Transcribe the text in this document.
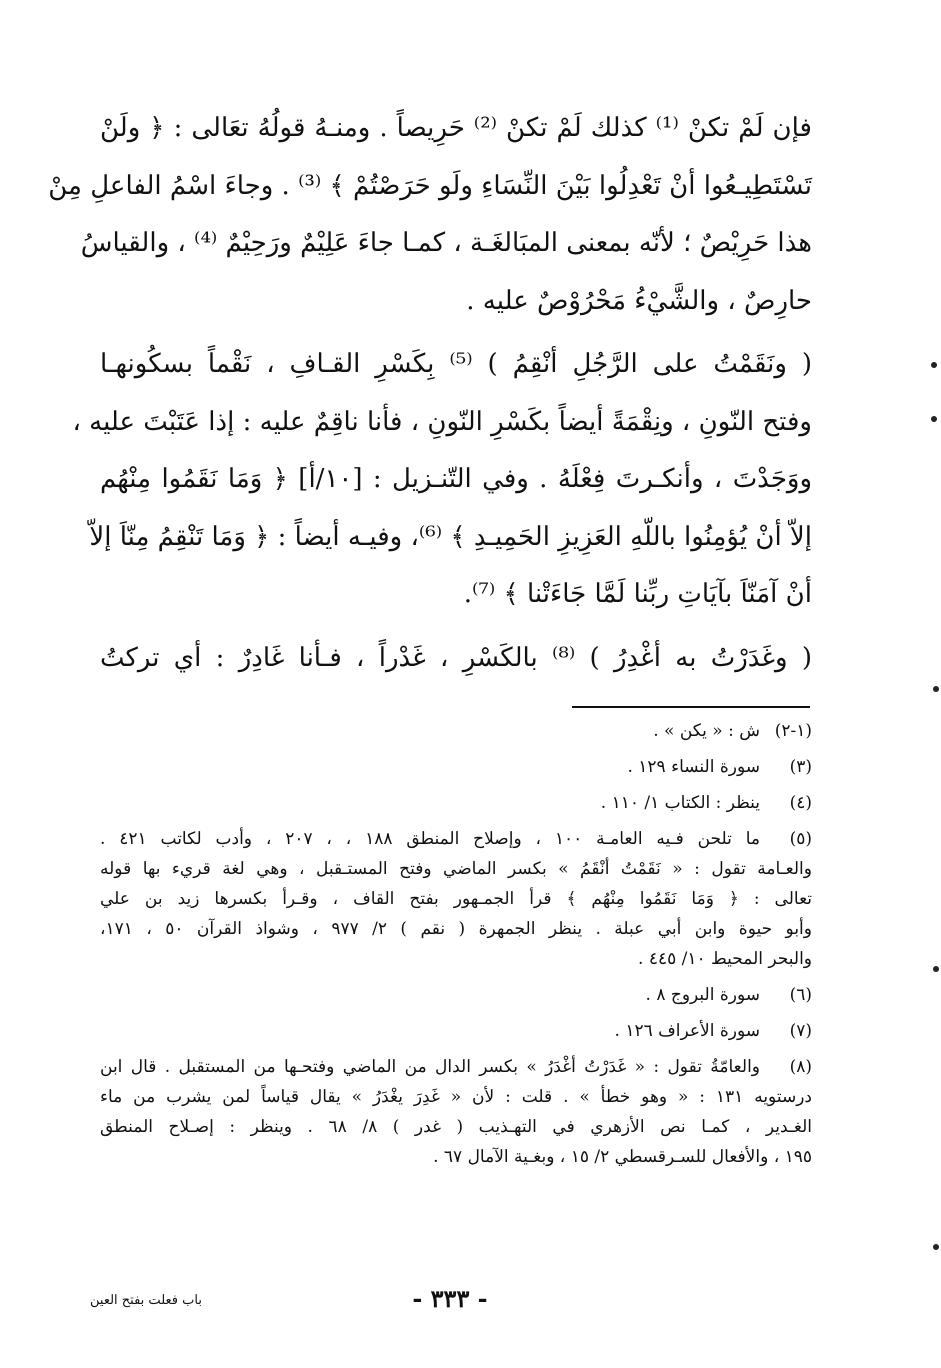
فإن لَمْ تكنْ ⁽¹⁾ كذلك لَمْ تكنْ ⁽²⁾ حَرِيصاً . ومنـهُ قولُهُ تعَالى : ﴿ ولَنْ
تَسْتَطِيـعُوا أنْ تَعْدِلُوا بَيْنَ النِّسَاءِ ولَو حَرَصْتُمْ ﴾ ⁽³⁾ . وجاءَ اسْمُ الفاعلِ مِنْ
هذا حَرِيْصٌ ؛ لأنّه بمعنى المبَالغَـة ، كمـا جاءَ عَلِيْمٌ ورَحِيْمٌ ⁽⁴⁾ ، والقياسُ
حارِصٌ ، والشَّيْءُ مَحْرُوْصٌ عليه .
( ونَقَمْتُ على الرَّجُلِ أنْقِمُ ) ⁽⁵⁾ بِكَسْرِ القـافِ ، نَقْماً بسكُونهـا
وفتح النّونِ ، ونِقْمَةً أيضاً بكَسْرِ النّونِ ، فأنا ناقِمٌ عليه : إذا عَتَبْتَ عليه ،
ووَجَدْتَ ، وأنكـرتَ فِعْلَهُ . وفي التّنـزيل : [١٠/أ] ﴿ وَمَا نَقَمُوا مِنْهُم
إلاّ أنْ يُؤمِنُوا باللّهِ العَزِيزِ الحَمِيـدِ ﴾ ⁽⁶⁾، وفيـه أيضاً : ﴿ وَمَا تَنْقِمُ مِنّاَ إلاّ
أنْ آمَنّاَ بآيَاتِ ربِّنا لَمَّا جَاءَتْنا ﴾ ⁽⁷⁾.
( وغَدَرْتُ به أغْدِرُ ) ⁽⁸⁾ بالكَسْرِ ، غَدْراً ، فـأنا غَادِرٌ : أي تركتُ
(١-٢)
ش : « يكن » .
(٣)
سورة النساء ١٢٩ .
(٤)
ينظر : الكتاب ١/ ١١٠ .
(٥)
ما تلحن فـيه العامـة ١٠٠ ، وإصلاح المنطق ١٨٨ ، ، ٢٠٧ ، وأدب لكاتب ٤٢١ .
والعـامة تقول : « نَقَمْتُ أنْقَمُ » بكسر الماضي وفتح المستـقبل ، وهي لغة قريء بها قوله
تعالى : ﴿ وَمَا نَقَمُوا مِنْهُم ﴾ قرأ الجمـهور بفتح القاف ، وقـرأ بكسرها زيد بن علي
وأبو حيوة وابن أبي عبلة . ينظر الجمهرة ( نقم ) ٢/ ٩٧٧ ، وشواذ القرآن ٥٠ ، ١٧١،
والبحر المحيط ١٠/ ٤٤٥ .
(٦)
سورة البروج ٨ .
(٧)
سورة الأعراف ١٢٦ .
(٨)
والعامّةُ تقول : « غَدَرْتُ أغْدَرُ » بكسر الدال من الماضي وفتحـها من المستقبل . قال ابن
درستويه ١٣١ : « وهو خطأ » . قلت : لأن « غَدِرَ يغْدَرُ » يقال قياساً لمن يشرب من ماء
الغـدير ، كمـا نص الأزهري في التهـذيب ( غدر ) ٨/ ٦٨ . وينظر : إصـلاح المنطق
١٩٥ ، والأفعال للسـرقسطي ٢/ ١٥ ، وبغـية الآمال ٦٧ .
- ٣٣٣ -
باب فعلت بفتح العين
